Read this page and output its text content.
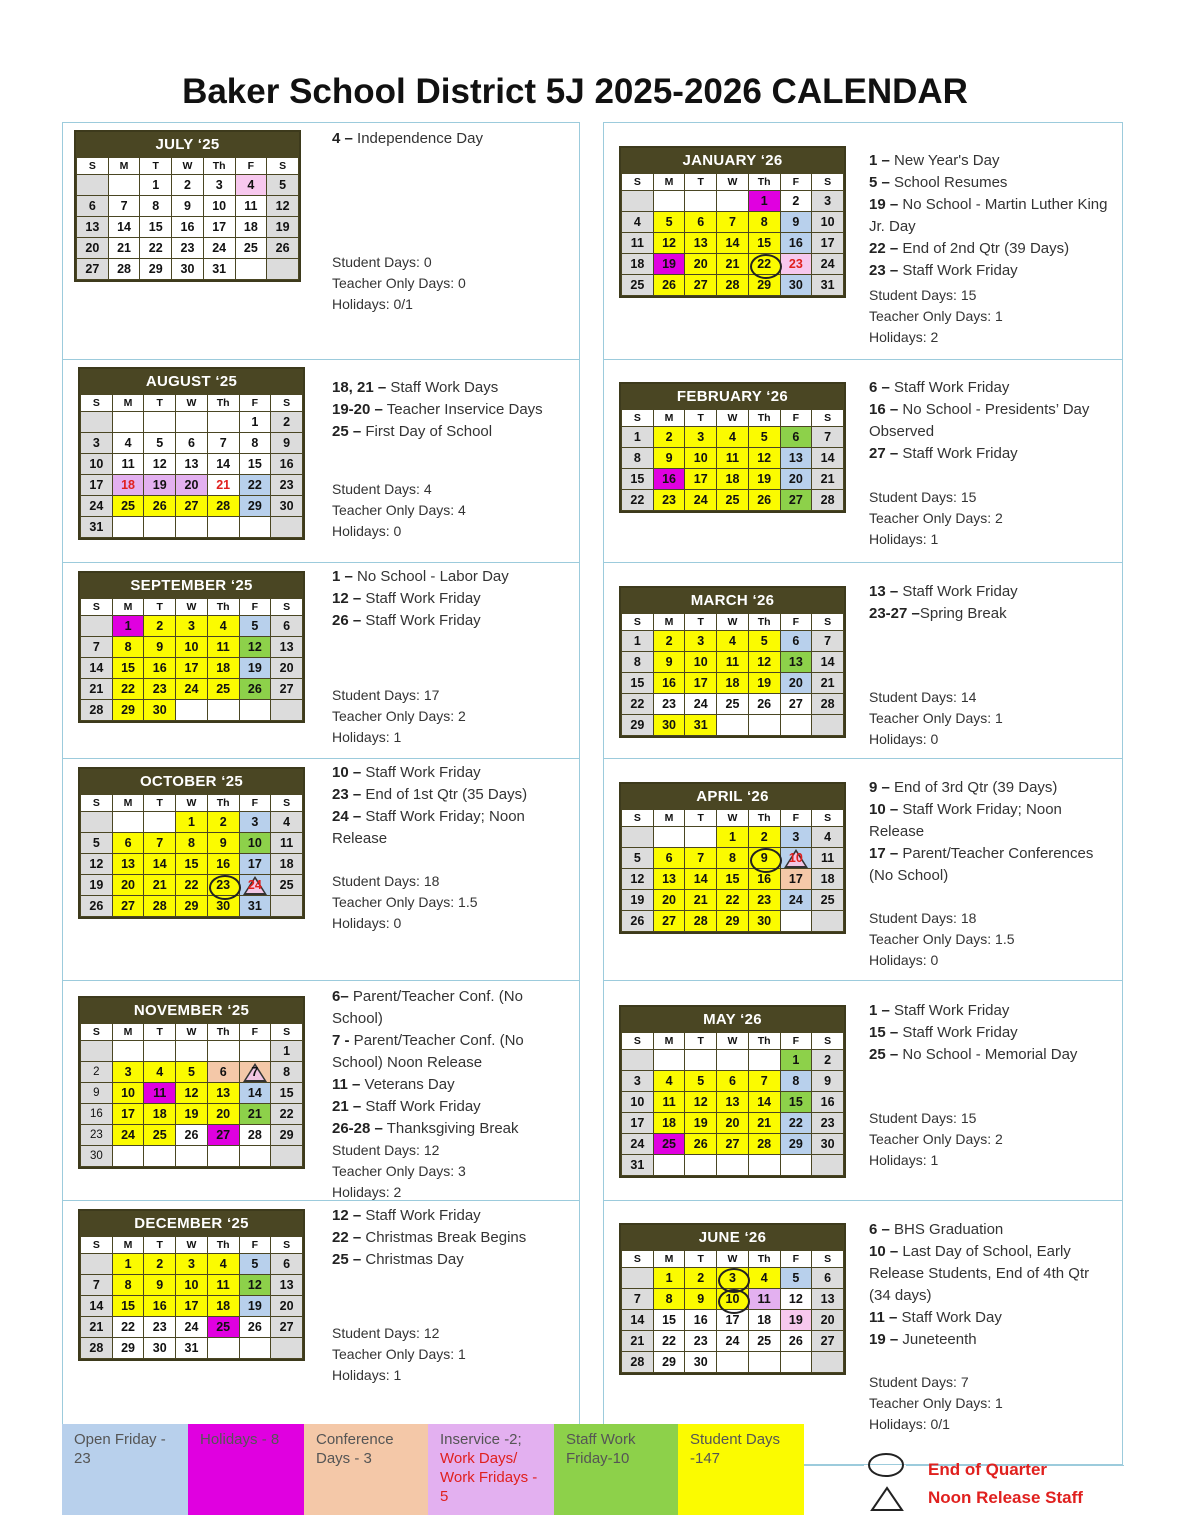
Baker School District 5J 2025-2026 CALENDAR
JULY ‘25
S	M	T	W	Th	F	S
		1	2	3	4	5
6	7	8	9	10	11	12
13	14	15	16	17	18	19
20	21	22	23	24	25	26
27	28	29	30	31		
4 – Independence Day
Student Days: 0
Teacher Only Days: 0
Holidays: 0/1
AUGUST ‘25
S	M	T	W	Th	F	S
					1	2
3	4	5	6	7	8	9
10	11	12	13	14	15	16
17	18	19	20	21	22	23
24	25	26	27	28	29	30
31						
18, 21 – Staff Work Days
19-20 – Teacher Inservice Days
25 – First Day of School
Student Days: 4
Teacher Only Days: 4
Holidays: 0
SEPTEMBER ‘25
S	M	T	W	Th	F	S
	1	2	3	4	5	6
7	8	9	10	11	12	13
14	15	16	17	18	19	20
21	22	23	24	25	26	27
28	29	30				
1 – No School - Labor Day
12 – Staff Work Friday
26 – Staff Work Friday
Student Days: 17
Teacher Only Days: 2
Holidays: 1
OCTOBER ‘25
S	M	T	W	Th	F	S
			1	2	3	4
5	6	7	8	9	10	11
12	13	14	15	16	17	18
19	20	21	22	23	24	25
26	27	28	29	30	31	
10 – Staff Work Friday
23 – End of 1st Qtr (35 Days)
24 – Staff Work Friday; Noon Release
Student Days: 18
Teacher Only Days: 1.5
Holidays: 0
NOVEMBER ‘25
S	M	T	W	Th	F	S
						1
2	3	4	5	6	7	8
9	10	11	12	13	14	15
16	17	18	19	20	21	22
23	24	25	26	27	28	29
30						
6– Parent/Teacher Conf. (No School)
7 - Parent/Teacher Conf. (No School) Noon Release
11 – Veterans Day
21 – Staff Work Friday
26-28 – Thanksgiving Break
Student Days: 12
Teacher Only Days: 3
Holidays: 2
DECEMBER ‘25
S	M	T	W	Th	F	S
	1	2	3	4	5	6
7	8	9	10	11	12	13
14	15	16	17	18	19	20
21	22	23	24	25	26	27
28	29	30	31			
12 – Staff Work Friday
22 – Christmas Break Begins
25 – Christmas Day
Student Days: 12
Teacher Only Days: 1
Holidays: 1
JANUARY ‘26
S	M	T	W	Th	F	S
				1	2	3
4	5	6	7	8	9	10
11	12	13	14	15	16	17
18	19	20	21	22	23	24
25	26	27	28	29	30	31
1 – New Year's Day
5 – School Resumes
19 – No School - Martin Luther King Jr. Day
22 – End of 2nd Qtr (39 Days)
23 – Staff Work Friday
Student Days: 15
Teacher Only Days: 1
Holidays: 2
FEBRUARY ‘26
S	M	T	W	Th	F	S
1	2	3	4	5	6	7
8	9	10	11	12	13	14
15	16	17	18	19	20	21
22	23	24	25	26	27	28
6 – Staff Work Friday
16 – No School - Presidents’ Day Observed
27 – Staff Work Friday
Student Days: 15
Teacher Only Days: 2
Holidays: 1
MARCH ‘26
S	M	T	W	Th	F	S
1	2	3	4	5	6	7
8	9	10	11	12	13	14
15	16	17	18	19	20	21
22	23	24	25	26	27	28
29	30	31				
13 – Staff Work Friday
23-27 –Spring Break
Student Days: 14
Teacher Only Days: 1
Holidays: 0
APRIL ‘26
S	M	T	W	Th	F	S
			1	2	3	4
5	6	7	8	9	10	11
12	13	14	15	16	17	18
19	20	21	22	23	24	25
26	27	28	29	30		
9 – End of 3rd Qtr (39 Days)
10 – Staff Work Friday; Noon Release
17 – Parent/Teacher Conferences (No School)
Student Days: 18
Teacher Only Days: 1.5
Holidays: 0
MAY ‘26
S	M	T	W	Th	F	S
					1	2
3	4	5	6	7	8	9
10	11	12	13	14	15	16
17	18	19	20	21	22	23
24	25	26	27	28	29	30
31						
1 – Staff Work Friday
15 – Staff Work Friday
25 – No School - Memorial Day
Student Days: 15
Teacher Only Days: 2
Holidays: 1
JUNE ‘26
S	M	T	W	Th	F	S
	1	2	3	4	5	6
7	8	9	10	11	12	13
14	15	16	17	18	19	20
21	22	23	24	25	26	27
28	29	30				
6 – BHS Graduation
10 – Last Day of School, Early Release Students, End of 4th Qtr (34 days)
11 – Staff Work Day
19 – Juneteenth
Student Days: 7
Teacher Only Days: 1
Holidays: 0/1
Open Friday - 23
Holidays - 8	Conference Days - 3
Inservice -2;
Work Days/ Work Fridays - 5
Staff Work Friday-10
Student Days -147
End of Quarter
Noon Release Staff
